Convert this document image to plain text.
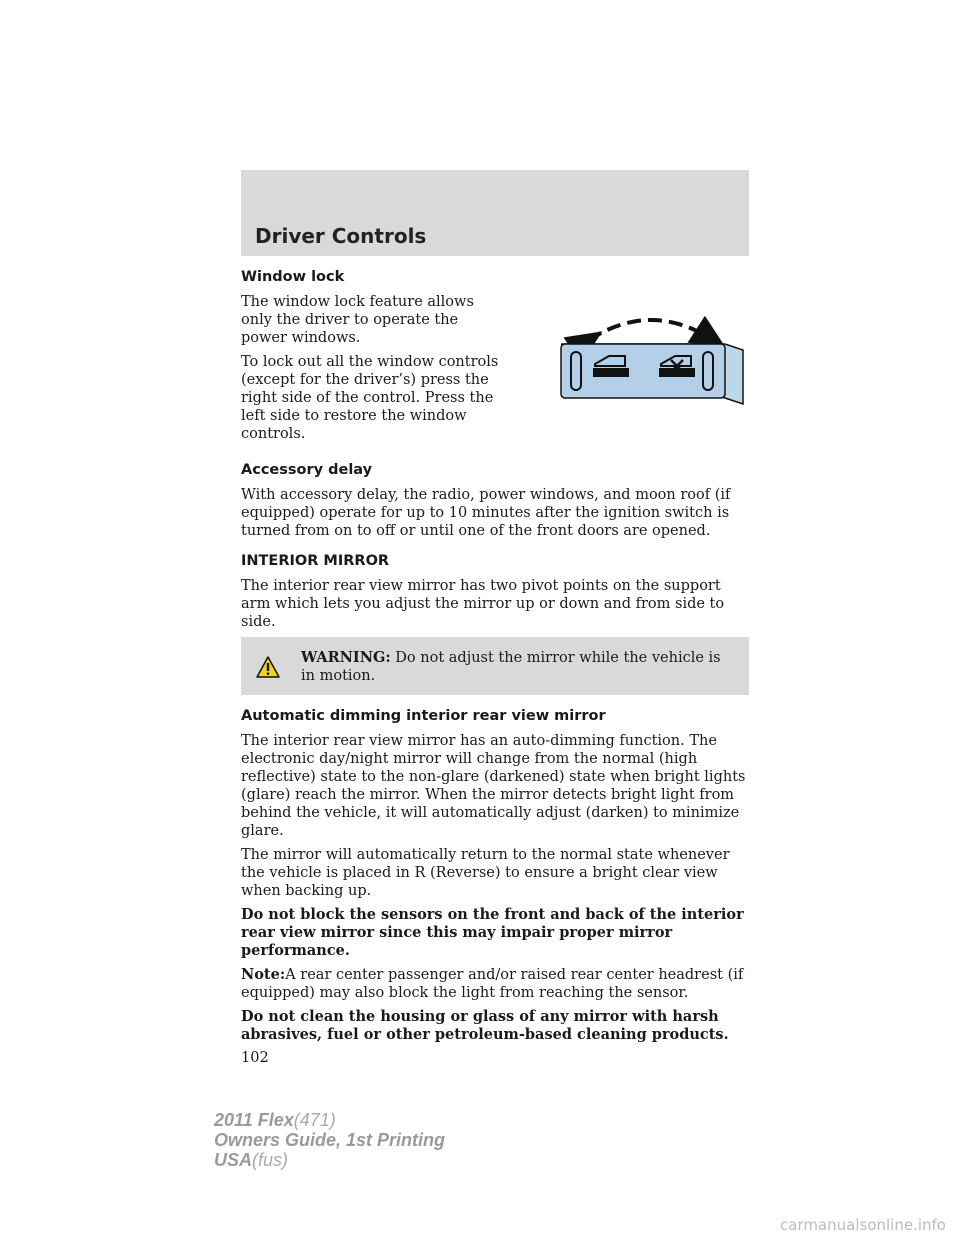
Driver Controls
Window lock

The window lock feature allows only the driver to operate the power windows.

To lock out all the window controls (except for the driver’s) press the right side of the control. Press the left side to restore the window controls.

Accessory delay

With accessory delay, the radio, power windows, and moon roof (if equipped) operate for up to 10 minutes after the ignition switch is turned from on to off or until one of the front doors are opened.

INTERIOR MIRROR

The interior rear view mirror has two pivot points on the support arm which lets you adjust the mirror up or down and from side to side.

WARNING: Do not adjust the mirror while the vehicle is in motion.
Automatic dimming interior rear view mirror

The interior rear view mirror has an auto-dimming function. The electronic day/night mirror will change from the normal (high reflective) state to the non-glare (darkened) state when bright lights (glare) reach the mirror. When the mirror detects bright light from behind the vehicle, it will automatically adjust (darken) to minimize glare.

The mirror will automatically return to the normal state whenever the vehicle is placed in R (Reverse) to ensure a bright clear view when backing up.

Do not block the sensors on the front and back of the interior rear view mirror since this may impair proper mirror performance.

Note:A rear center passenger and/or raised rear center headrest (if equipped) may also block the light from reaching the sensor.

Do not clean the housing or glass of any mirror with harsh abrasives, fuel or other petroleum-based cleaning products.

102
2011 Flex(471)
Owners Guide, 1st Printing
USA(fus)
carmanualsonline.info
